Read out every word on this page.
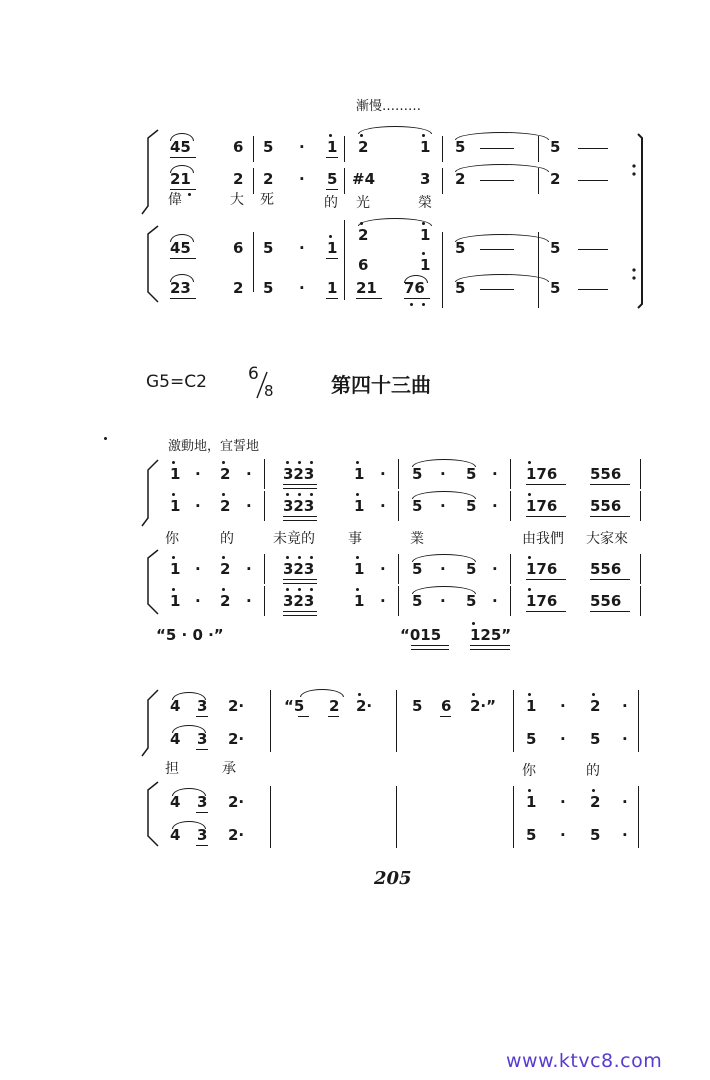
漸慢………
45	6 5 · 1 2	1 5	5
21	2 2 · 5 #4	3 2	2
偉	大 死	的 光	榮
45	6 5 · 1
2	1
6	1
5	5
23	2 5 · 1 21 76 5	5
G5=C2 6
8	第四十三曲
激動地，宜誓地
1 · 2 · 323	1 · 5 · 5 · 176 556
1 · 2 · 323	1 · 5 · 5 · 176 556
1 · 2 · 323	1 · 5 · 5 · 176 556
1 · 2 · 323	1 · 5 · 5 · 176 556
你	的	未竟的 事	業	由我們 大家來
“5 · 0 ·”	“015 125”
4 3 2·
4 3 2·
4 3 2·
4 3 2·
“5 2 2·	5 6 2·” 1 · 2 ·
5 · 5 ·
1 · 2 ·
5 · 5 ·
担	承	你	的
205
www.ktvc8.com
